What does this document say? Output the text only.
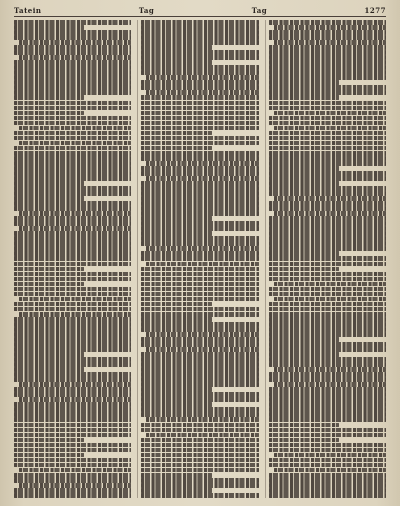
Tatein	Tag	Tag	1277
